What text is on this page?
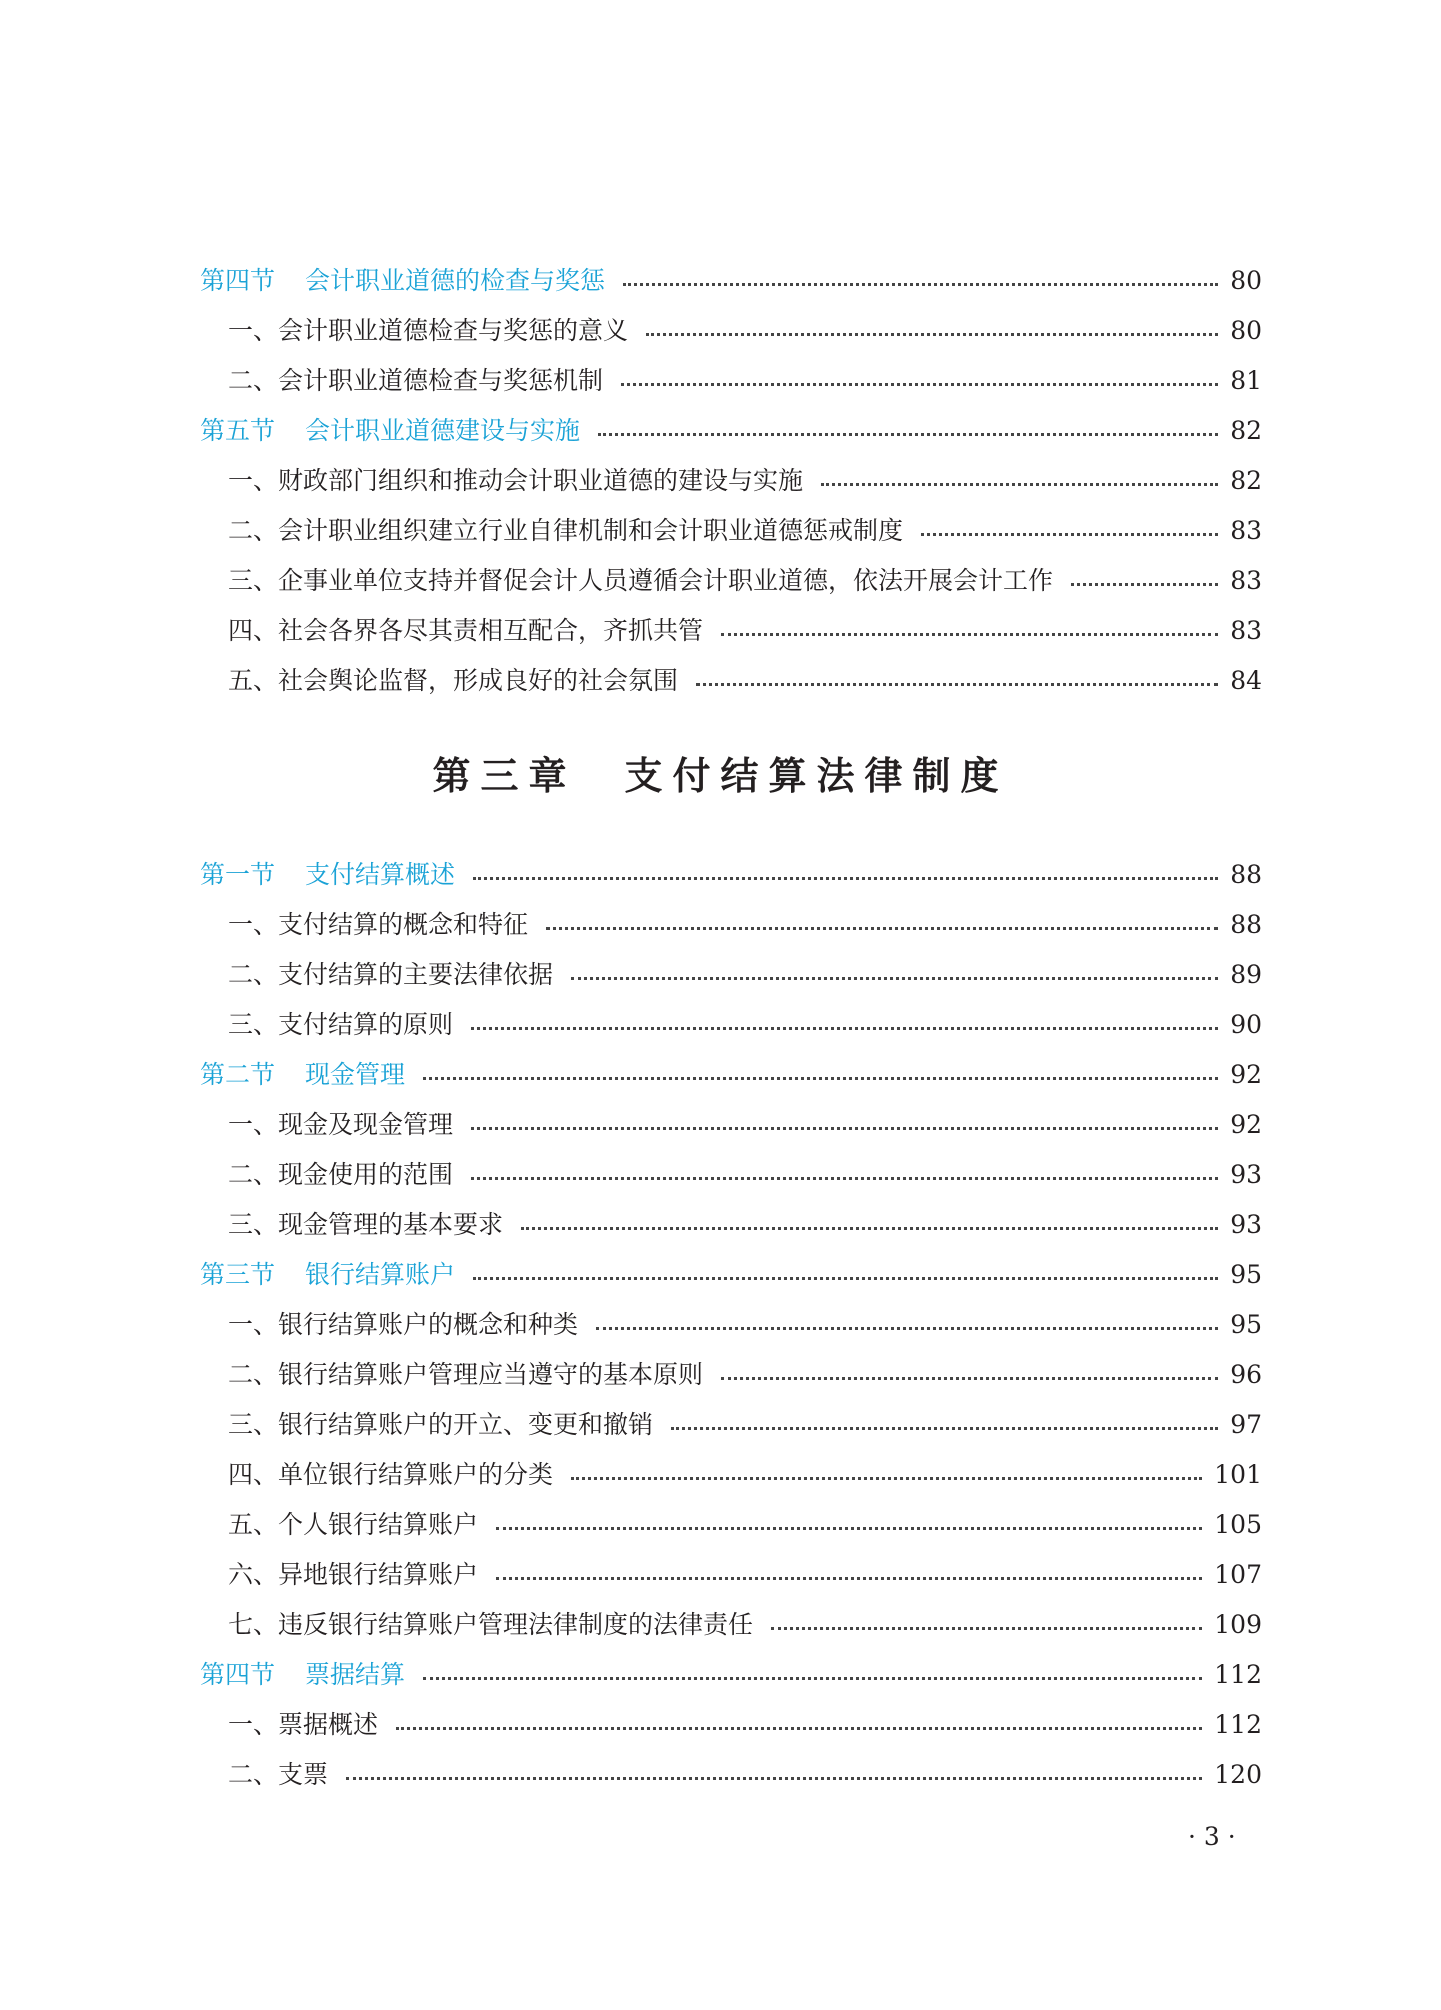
第四节 会计职业道德的检查与奖惩	80
一、会计职业道德检查与奖惩的意义	80
二、会计职业道德检查与奖惩机制	81
第五节 会计职业道德建设与实施	82
一、财政部门组织和推动会计职业道德的建设与实施	82
二、会计职业组织建立行业自律机制和会计职业道德惩戒制度	83
三、企事业单位支持并督促会计人员遵循会计职业道德，依法开展会计工作	83
四、社会各界各尽其责相互配合，齐抓共管	83
五、社会舆论监督，形成良好的社会氛围	84
第三章 支付结算法律制度
第一节 支付结算概述	88
一、支付结算的概念和特征	88
二、支付结算的主要法律依据	89
三、支付结算的原则	90
第二节 现金管理	92
一、现金及现金管理	92
二、现金使用的范围	93
三、现金管理的基本要求	93
第三节 银行结算账户	95
一、银行结算账户的概念和种类	95
二、银行结算账户管理应当遵守的基本原则	96
三、银行结算账户的开立、变更和撤销	97
四、单位银行结算账户的分类	101
五、个人银行结算账户	105
六、异地银行结算账户	107
七、违反银行结算账户管理法律制度的法律责任	109
第四节 票据结算	112
一、票据概述	112
二、支票	120
· 3 ·
